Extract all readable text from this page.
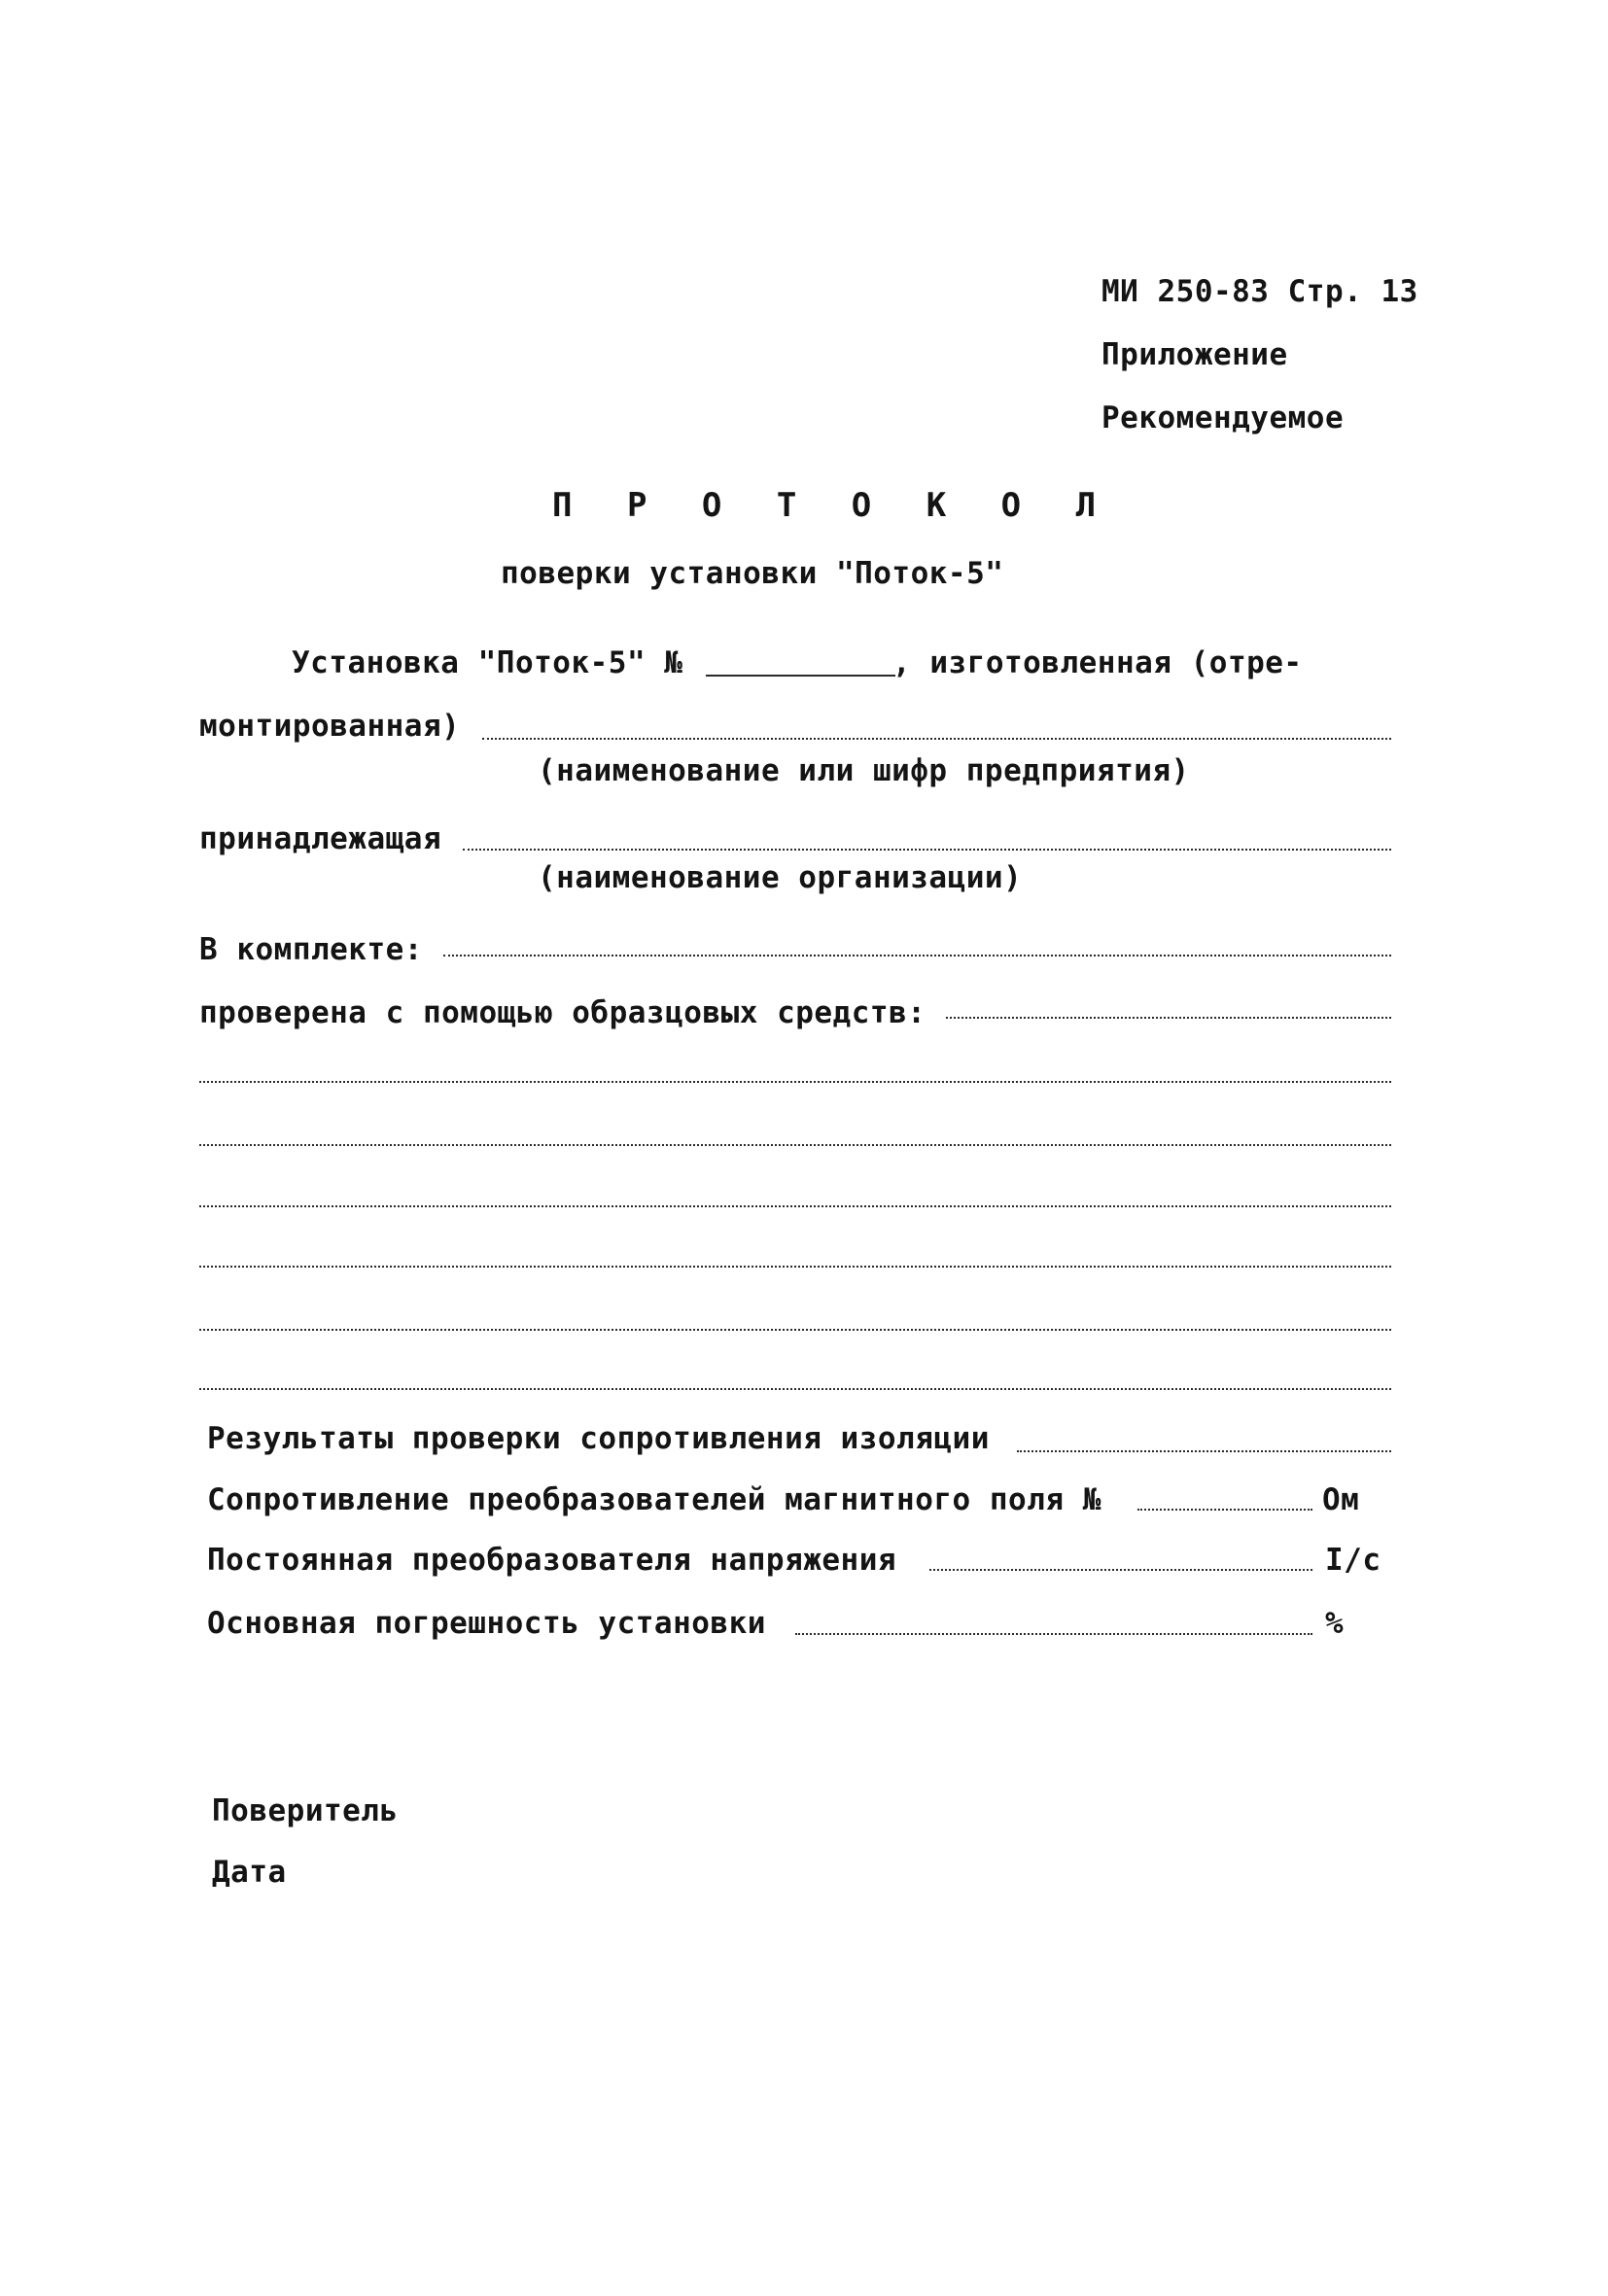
МИ 250-83 Стр. 13
Приложение
Рекомендуемое
П Р О Т О К О Л
поверки установки "Поток-5"
Установка "Поток-5" №	, изготовленная (отре-
монтированная)
(наименование или шифр предприятия)
принадлежащая
(наименование организации)
В комплекте:
проверена с помощью образцовых средств:
Результаты проверки сопротивления изоляции
Сопротивление преобразователей магнитного поля №	Ом
Постоянная преобразователя напряжения	I/c
Основная погрешность установки	%
Поверитель
Дата
